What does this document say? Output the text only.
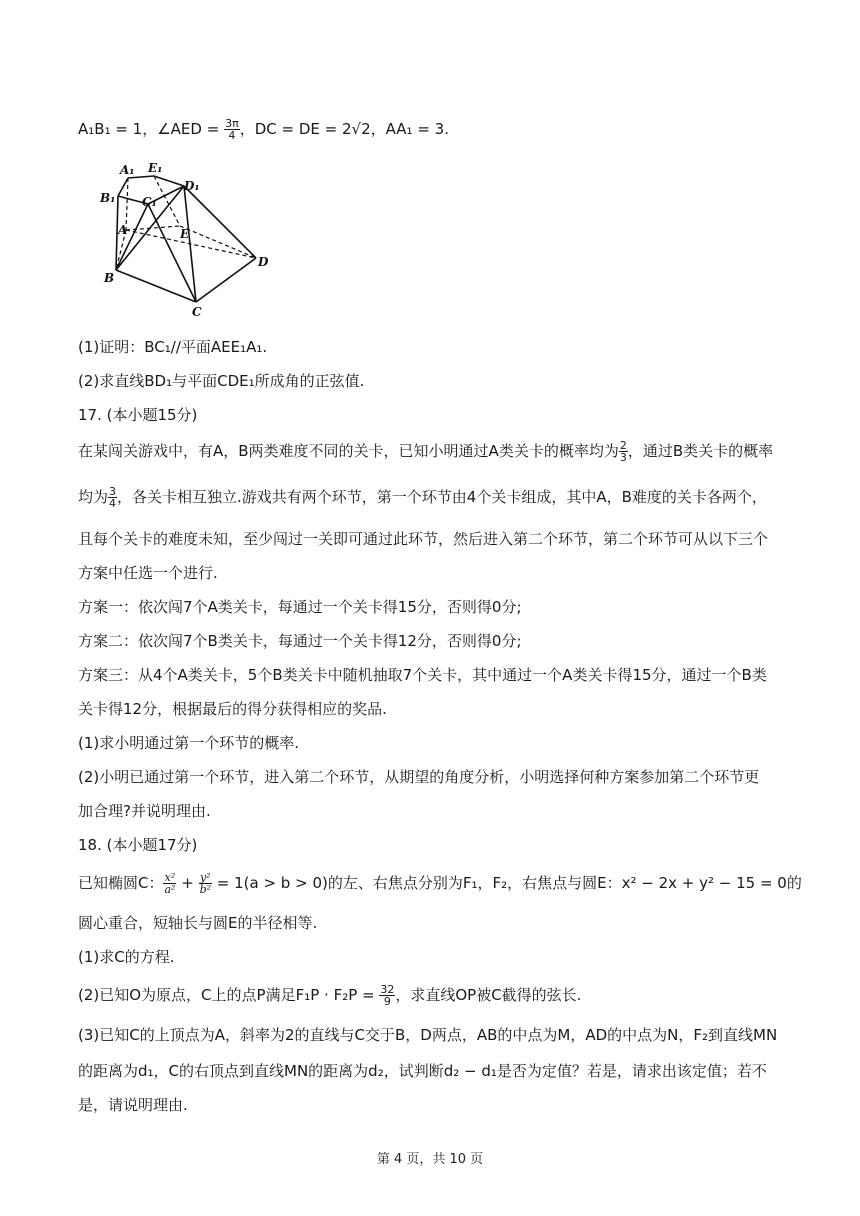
A₁B₁ = 1，∠AED = $\frac{3\pi}{4}$ ，DC = DE = 2√2，AA₁ = 3.
A₁ E₁
D₁
B₁ C₁
A	E
D
B
C
(1)证明：BC₁//平面AEE₁A₁.
(2)求直线BD₁与平面CDE₁所成角的正弦值.
17. (本小题15分)
在某闯关游戏中，有A，B两类难度不同的关卡，已知小明通过A类关卡的概率均为 $\frac{2}{3}$ ，通过B类关卡的概率
均为 $\frac{3}{4}$ ，各关卡相互独立.游戏共有两个环节，第一个环节由4个关卡组成，其中A，B难度的关卡各两个，
且每个关卡的难度未知，至少闯过一关即可通过此环节，然后进入第二个环节，第二个环节可从以下三个
方案中任选一个进行.
方案一：依次闯7个A类关卡，每通过一个关卡得15分，否则得0分;
方案二：依次闯7个B类关卡，每通过一个关卡得12分，否则得0分;
方案三：从4个A类关卡，5个B类关卡中随机抽取7个关卡，其中通过一个A类关卡得15分，通过一个B类
关卡得12分，根据最后的得分获得相应的奖品.
(1)求小明通过第一个环节的概率.
(2)小明已通过第一个环节，进入第二个环节，从期望的角度分析，小明选择何种方案参加第二个环节更
加合理?并说明理由.
18. (本小题17分)
已知椭圆C： $\frac{\text{x²}}{\text{a²}} + \frac{\text{y²}}{\text{b²}} = 1(a > b > 0)$的左、右焦点分别为F₁，F₂，右焦点与圆E：x² − 2x + y² − 15 = 0的
圆心重合，短轴长与圆E的半径相等.
(1)求C的方程.
(2)已知O为原点，C上的点P满足$F_1P \cdot F_2P = \frac{32}{9}$ ，求直线OP被C截得的弦长.
(3)已知C的上顶点为A，斜率为2的直线与C交于B，D两点，AB的中点为M，AD的中点为N，F₂到直线MN
的距离为d₁，C的右顶点到直线MN的距离为d₂，试判断d₂ − d₁是否为定值？若是，请求出该定值；若不
是，请说明理由.
第 4 页，共 10 页
